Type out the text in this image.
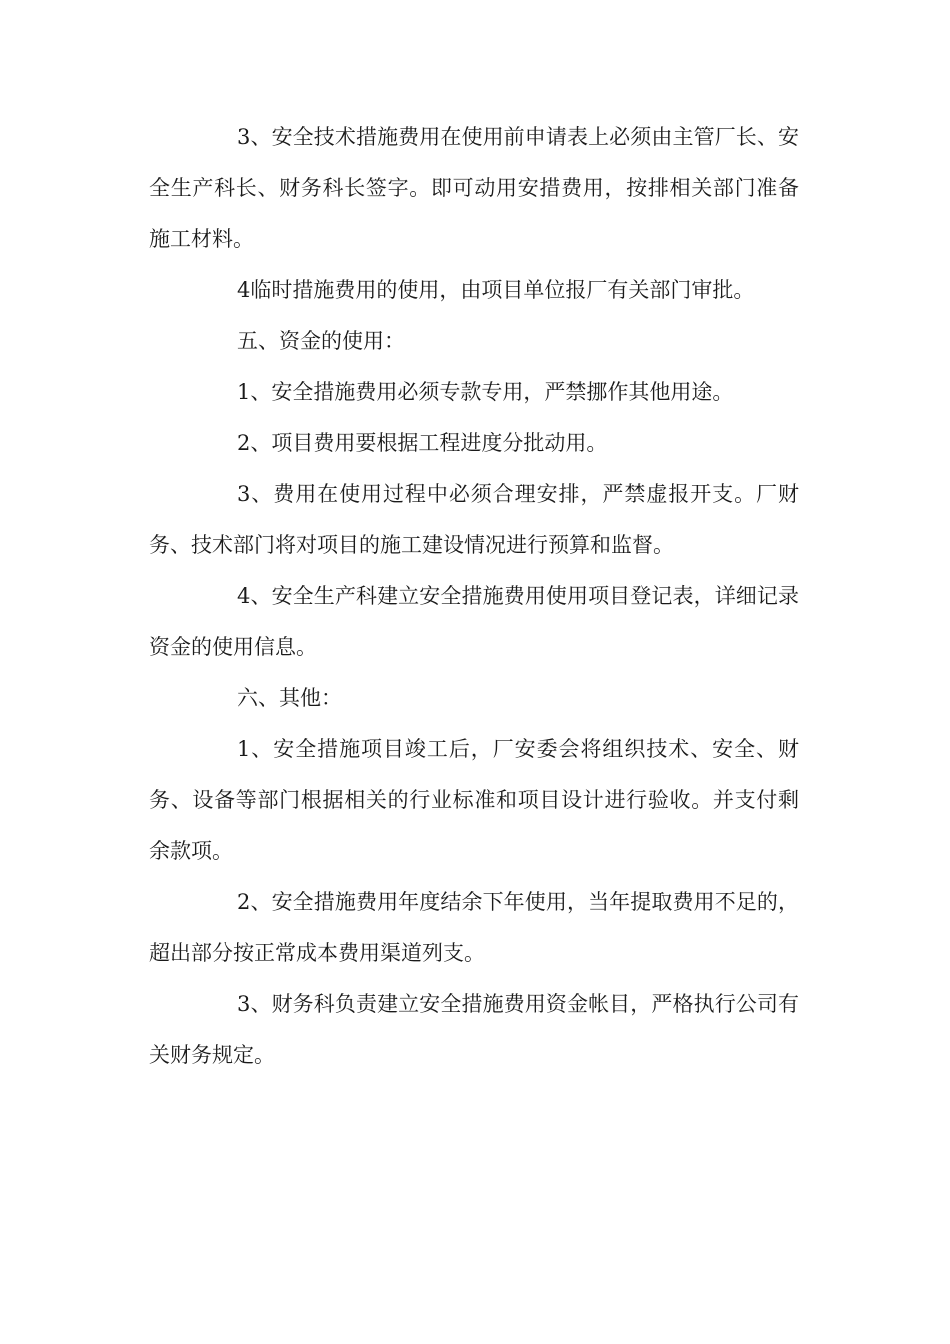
3、安全技术措施费用在使用前申请表上必须由主管厂长、安全生产科长、财务科长签字。即可动用安措费用，按排相关部门准备施工材料。

4临时措施费用的使用，由项目单位报厂有关部门审批。

五、资金的使用：

1、安全措施费用必须专款专用，严禁挪作其他用途。

2、项目费用要根据工程进度分批动用。

3、费用在使用过程中必须合理安排，严禁虚报开支。厂财务、技术部门将对项目的施工建设情况进行预算和监督。

4、安全生产科建立安全措施费用使用项目登记表，详细记录资金的使用信息。

六、其他：

1、安全措施项目竣工后，厂安委会将组织技术、安全、财务、设备等部门根据相关的行业标准和项目设计进行验收。并支付剩余款项。

2、安全措施费用年度结余下年使用，当年提取费用不足的，超出部分按正常成本费用渠道列支。

3、财务科负责建立安全措施费用资金帐目，严格执行公司有关财务规定。
